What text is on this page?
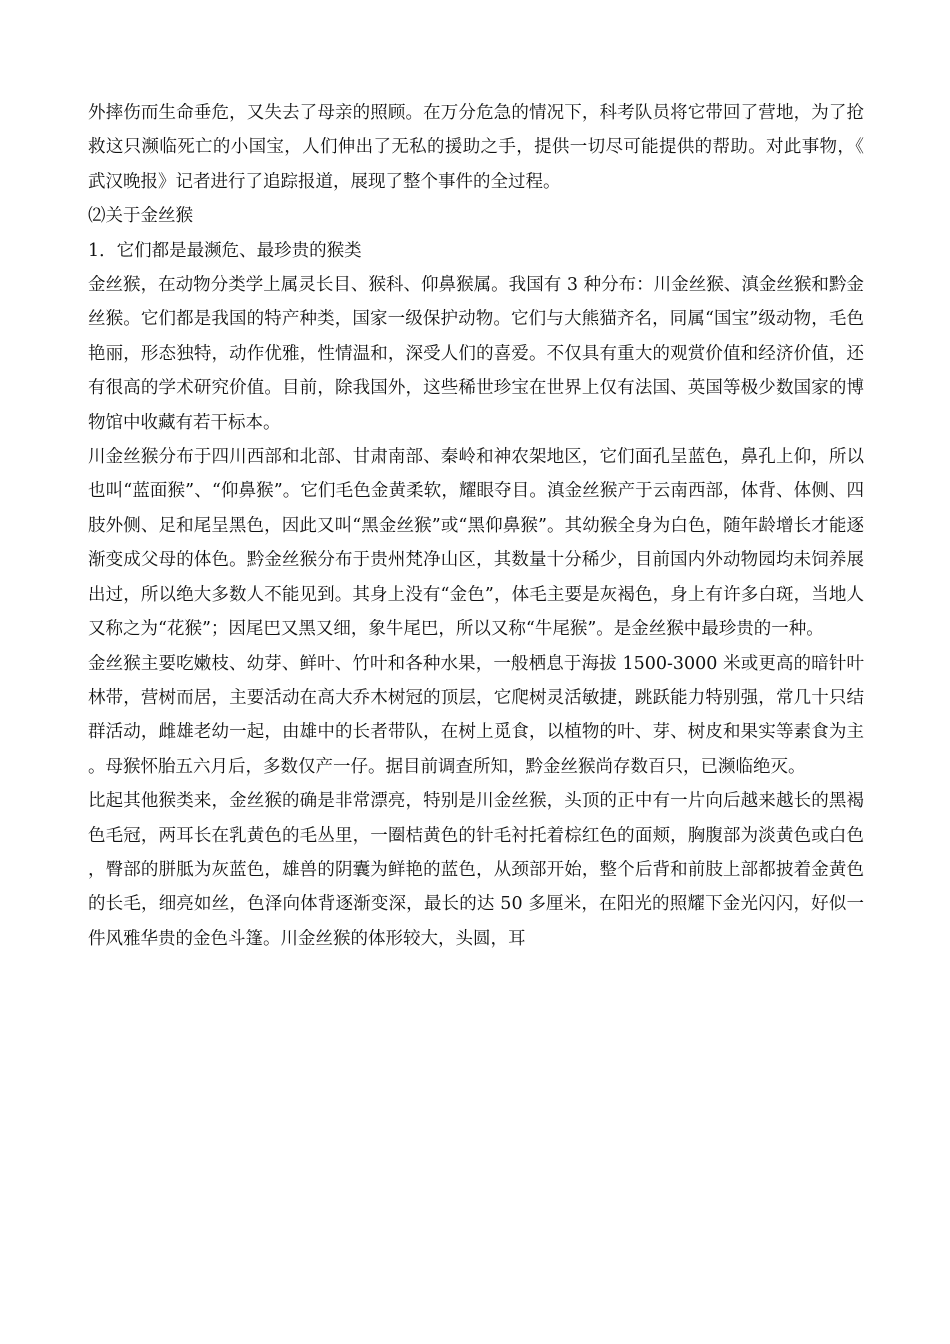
外摔伤而生命垂危，又失去了母亲的照顾。在万分危急的情况下，科考队员将它带回了营地，为了抢救这只濒临死亡的小国宝，人们伸出了无私的援助之手，提供一切尽可能提供的帮助。对此事物，《武汉晚报》记者进行了追踪报道，展现了整个事件的全过程。

⑵关于金丝猴

1．它们都是最濒危、最珍贵的猴类

金丝猴，在动物分类学上属灵长目、猴科、仰鼻猴属。我国有 3 种分布：川金丝猴、滇金丝猴和黔金丝猴。它们都是我国的特产种类，国家一级保护动物。它们与大熊猫齐名，同属“国宝”级动物，毛色艳丽，形态独特，动作优雅，性情温和，深受人们的喜爱。不仅具有重大的观赏价值和经济价值，还有很高的学术研究价值。目前，除我国外，这些稀世珍宝在世界上仅有法国、英国等极少数国家的博物馆中收藏有若干标本。

川金丝猴分布于四川西部和北部、甘肃南部、秦岭和神农架地区，它们面孔呈蓝色，鼻孔上仰，所以也叫“蓝面猴”、“仰鼻猴”。它们毛色金黄柔软，耀眼夺目。滇金丝猴产于云南西部，体背、体侧、四肢外侧、足和尾呈黑色，因此又叫“黑金丝猴”或“黑仰鼻猴”。其幼猴全身为白色，随年龄增长才能逐渐变成父母的体色。黔金丝猴分布于贵州梵净山区，其数量十分稀少，目前国内外动物园均未饲养展出过，所以绝大多数人不能见到。其身上没有“金色”，体毛主要是灰褐色，身上有许多白斑，当地人又称之为“花猴”；因尾巴又黑又细，象牛尾巴，所以又称“牛尾猴”。是金丝猴中最珍贵的一种。

金丝猴主要吃嫩枝、幼芽、鲜叶、竹叶和各种水果，一般栖息于海拔 1500-3000 米或更高的暗针叶林带，营树而居，主要活动在高大乔木树冠的顶层，它爬树灵活敏捷，跳跃能力特别强，常几十只结群活动，雌雄老幼一起，由雄中的长者带队，在树上觅食，以植物的叶、芽、树皮和果实等素食为主。母猴怀胎五六月后，多数仅产一仔。据目前调查所知，黔金丝猴尚存数百只，已濒临绝灭。

比起其他猴类来，金丝猴的确是非常漂亮，特别是川金丝猴，头顶的正中有一片向后越来越长的黑褐色毛冠，两耳长在乳黄色的毛丛里，一圈桔黄色的针毛衬托着棕红色的面颊，胸腹部为淡黄色或白色，臀部的胼胝为灰蓝色，雄兽的阴囊为鲜艳的蓝色，从颈部开始，整个后背和前肢上部都披着金黄色的长毛，细亮如丝，色泽向体背逐渐变深，最长的达 50 多厘米，在阳光的照耀下金光闪闪，好似一件风雅华贵的金色斗篷。川金丝猴的体形较大，头圆，耳
